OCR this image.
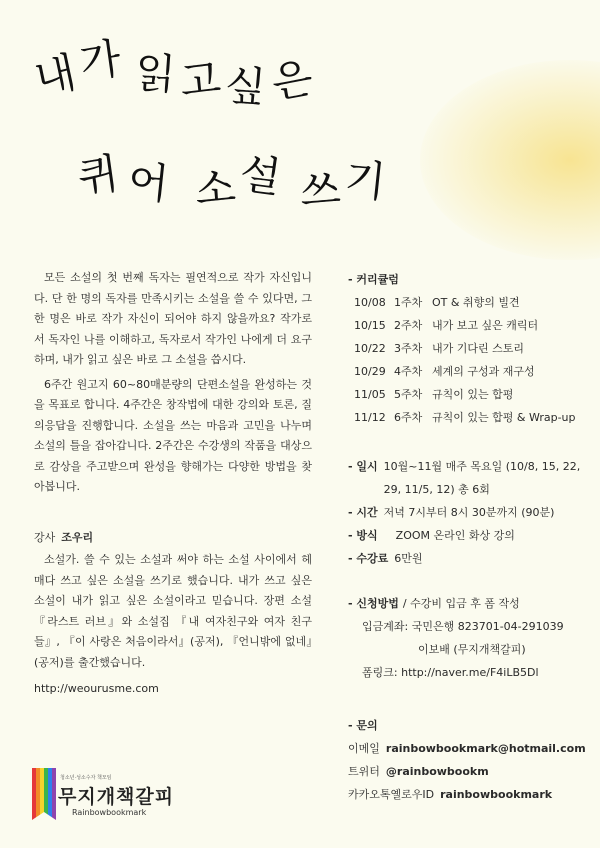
내
가 읽 고 싶 은
퀴 어 소 설 쓰 기

모든 소설의 첫 번째 독자는 필연적으로 작가 자신입니다. 단 한 명의 독자를 만족시키는 소설을 쓸 수 있다면, 그 한 명은 바로 작가 자신이 되어야 하지 않을까요? 작가로서 독자인 나를 이해하고, 독자로서 작가인 나에게 더 요구하며, 내가 읽고 싶은 바로 그 소설을 씁시다.

6주간 원고지 60~80매분량의 단편소설을 완성하는 것을 목표로 합니다. 4주간은 창작법에 대한 강의와 토론, 질의응답을 진행합니다. 소설을 쓰는 마음과 고민을 나누며 소설의 틀을 잡아갑니다. 2주간은 수강생의 작품을 대상으로 감상을 주고받으며 완성을 향해가는 다양한 방법을 찾아봅니다.

강사 조우리

소설가. 쓸 수 있는 소설과 써야 하는 소설 사이에서 헤매다 쓰고 싶은 소설을 쓰기로 했습니다. 내가 쓰고 싶은 소설이 내가 읽고 싶은 소설이라고 믿습니다. 장편 소설 『라스트 러브』와 소설집 『내 여자친구와 여자 친구들』, 『이 사랑은 처음이라서』(공저), 『언니밖에 없네』(공저)를 출간했습니다.

http://weourusme.com
- 커리큘럼
10/08 1주차 OT & 취향의 빌견
10/15 2주차 내가 보고 싶은 캐릭터
10/22 3주차 내가 기다린 스토리
10/29 4주차 세계의 구성과 재구성
11/05 5주차 규칙이 있는 합평
11/12 6주차 규칙이 있는 합평 & Wrap-up
- 일시 10월~11월 매주 목요일 (10/8, 15, 22, 29, 11/5, 12) 총 6회
- 시간 저녁 7시부터 8시 30분까지 (90분)
- 방식 ZOOM 온라인 화상 강의
- 수강료 6만원
- 신청방법 / 수강비 입금 후 폼 작성
입금계좌: 국민은행 823701-04-291039
이보배 (무지개책갈피)
폼링크: http://naver.me/F4iLB5Dl
- 문의
이메일 rainbowbookmark@hotmail.com
트위터 @rainbowbookm
카카오톡옐로우ID rainbowbookmark
청소년·성소수자 책모임
무지개책갈피
Rainbowbookmark
